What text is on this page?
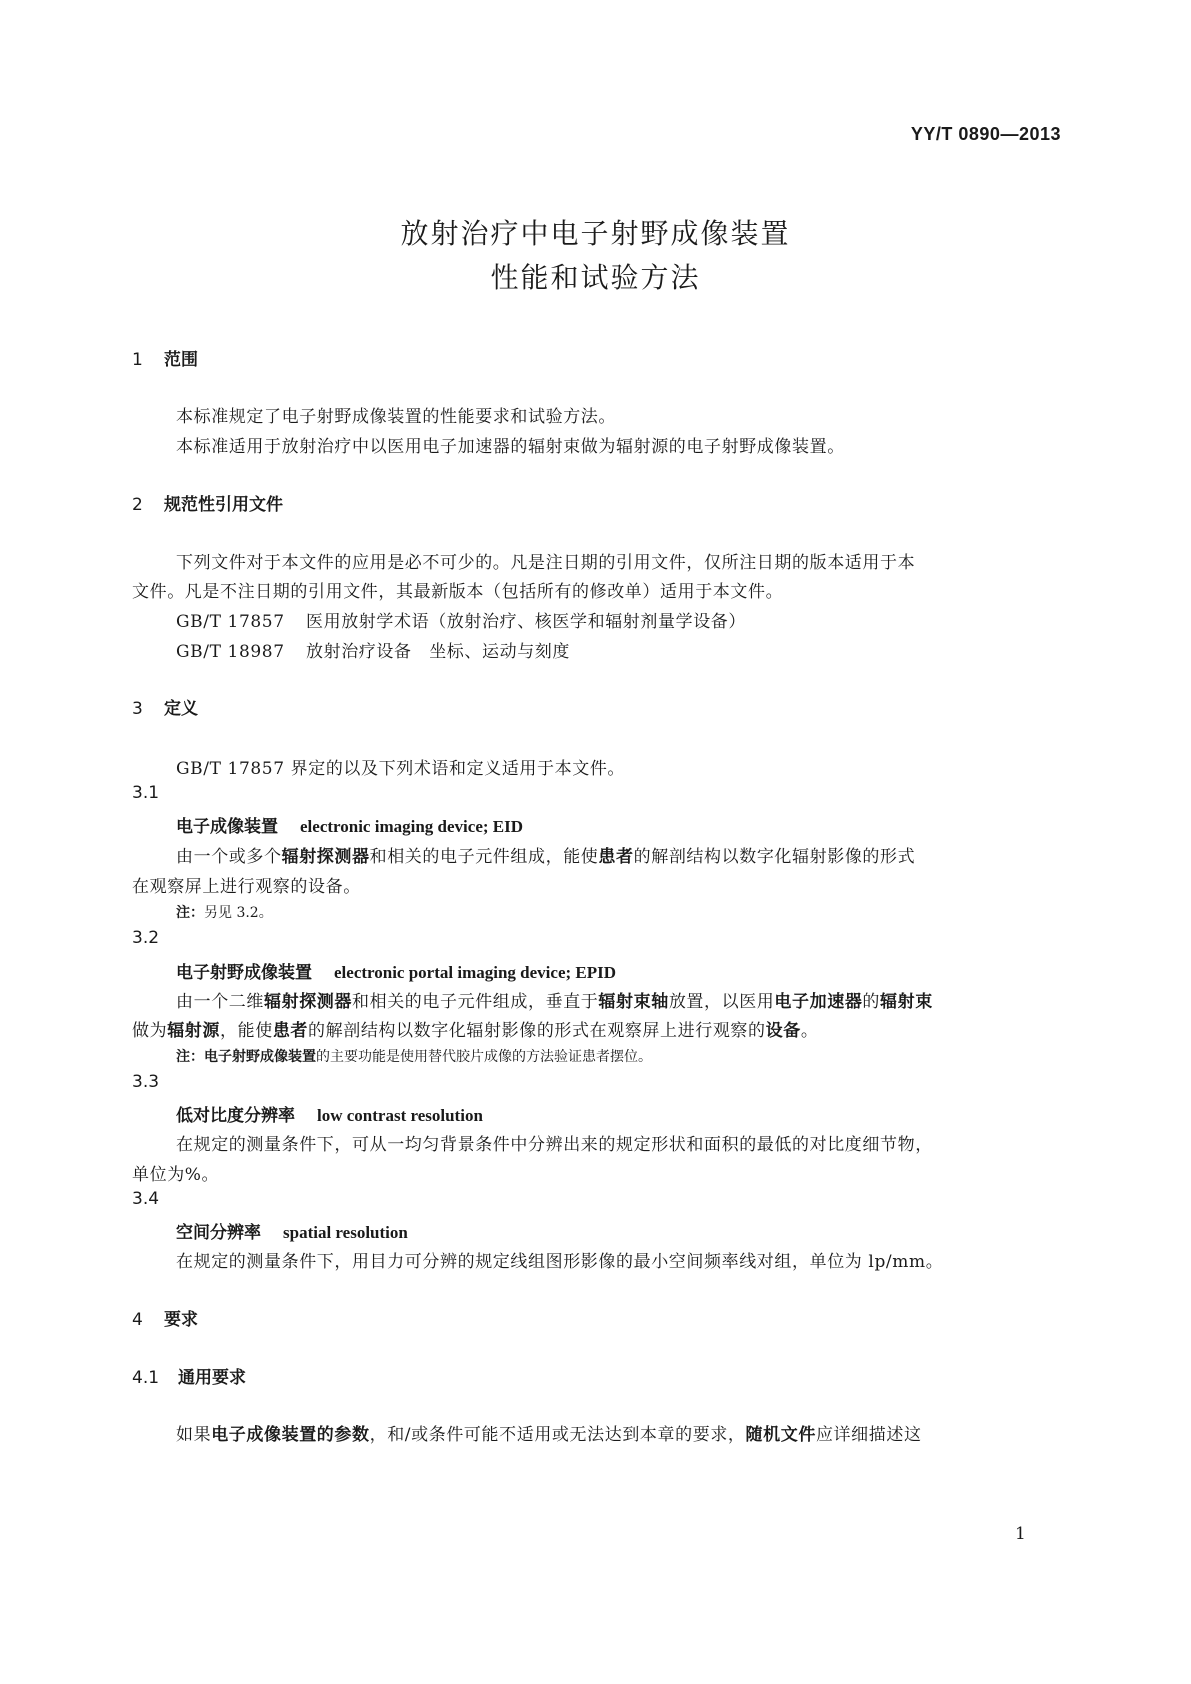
YY/T 0890—2013
放射治疗中电子射野成像装置
性能和试验方法
1 范围
本标准规定了电子射野成像装置的性能要求和试验方法。
本标准适用于放射治疗中以医用电子加速器的辐射束做为辐射源的电子射野成像装置。
2 规范性引用文件
下列文件对于本文件的应用是必不可少的。凡是注日期的引用文件，仅所注日期的版本适用于本
文件。凡是不注日期的引用文件，其最新版本（包括所有的修改单）适用于本文件。
GB/T 17857 医用放射学术语（放射治疗、核医学和辐射剂量学设备）
GB/T 18987 放射治疗设备　坐标、运动与刻度
3 定义
GB/T 17857 界定的以及下列术语和定义适用于本文件。
3.1
电子成像装置 electronic imaging device; EID
由一个或多个辐射探测器和相关的电子元件组成，能使患者的解剖结构以数字化辐射影像的形式
在观察屏上进行观察的设备。
注：另见 3.2。
3.2
电子射野成像装置 electronic portal imaging device; EPID
由一个二维辐射探测器和相关的电子元件组成，垂直于辐射束轴放置，以医用电子加速器的辐射束
做为辐射源，能使患者的解剖结构以数字化辐射影像的形式在观察屏上进行观察的设备。
注：电子射野成像装置的主要功能是使用替代胶片成像的方法验证患者摆位。
3.3
低对比度分辨率 low contrast resolution
在规定的测量条件下，可从一均匀背景条件中分辨出来的规定形状和面积的最低的对比度细节物，
单位为%。
3.4
空间分辨率 spatial resolution
在规定的测量条件下，用目力可分辨的规定线组图形影像的最小空间频率线对组，单位为 lp/mm。
4 要求
4.1 通用要求
如果电子成像装置的参数，和/或条件可能不适用或无法达到本章的要求，随机文件应详细描述这
1
